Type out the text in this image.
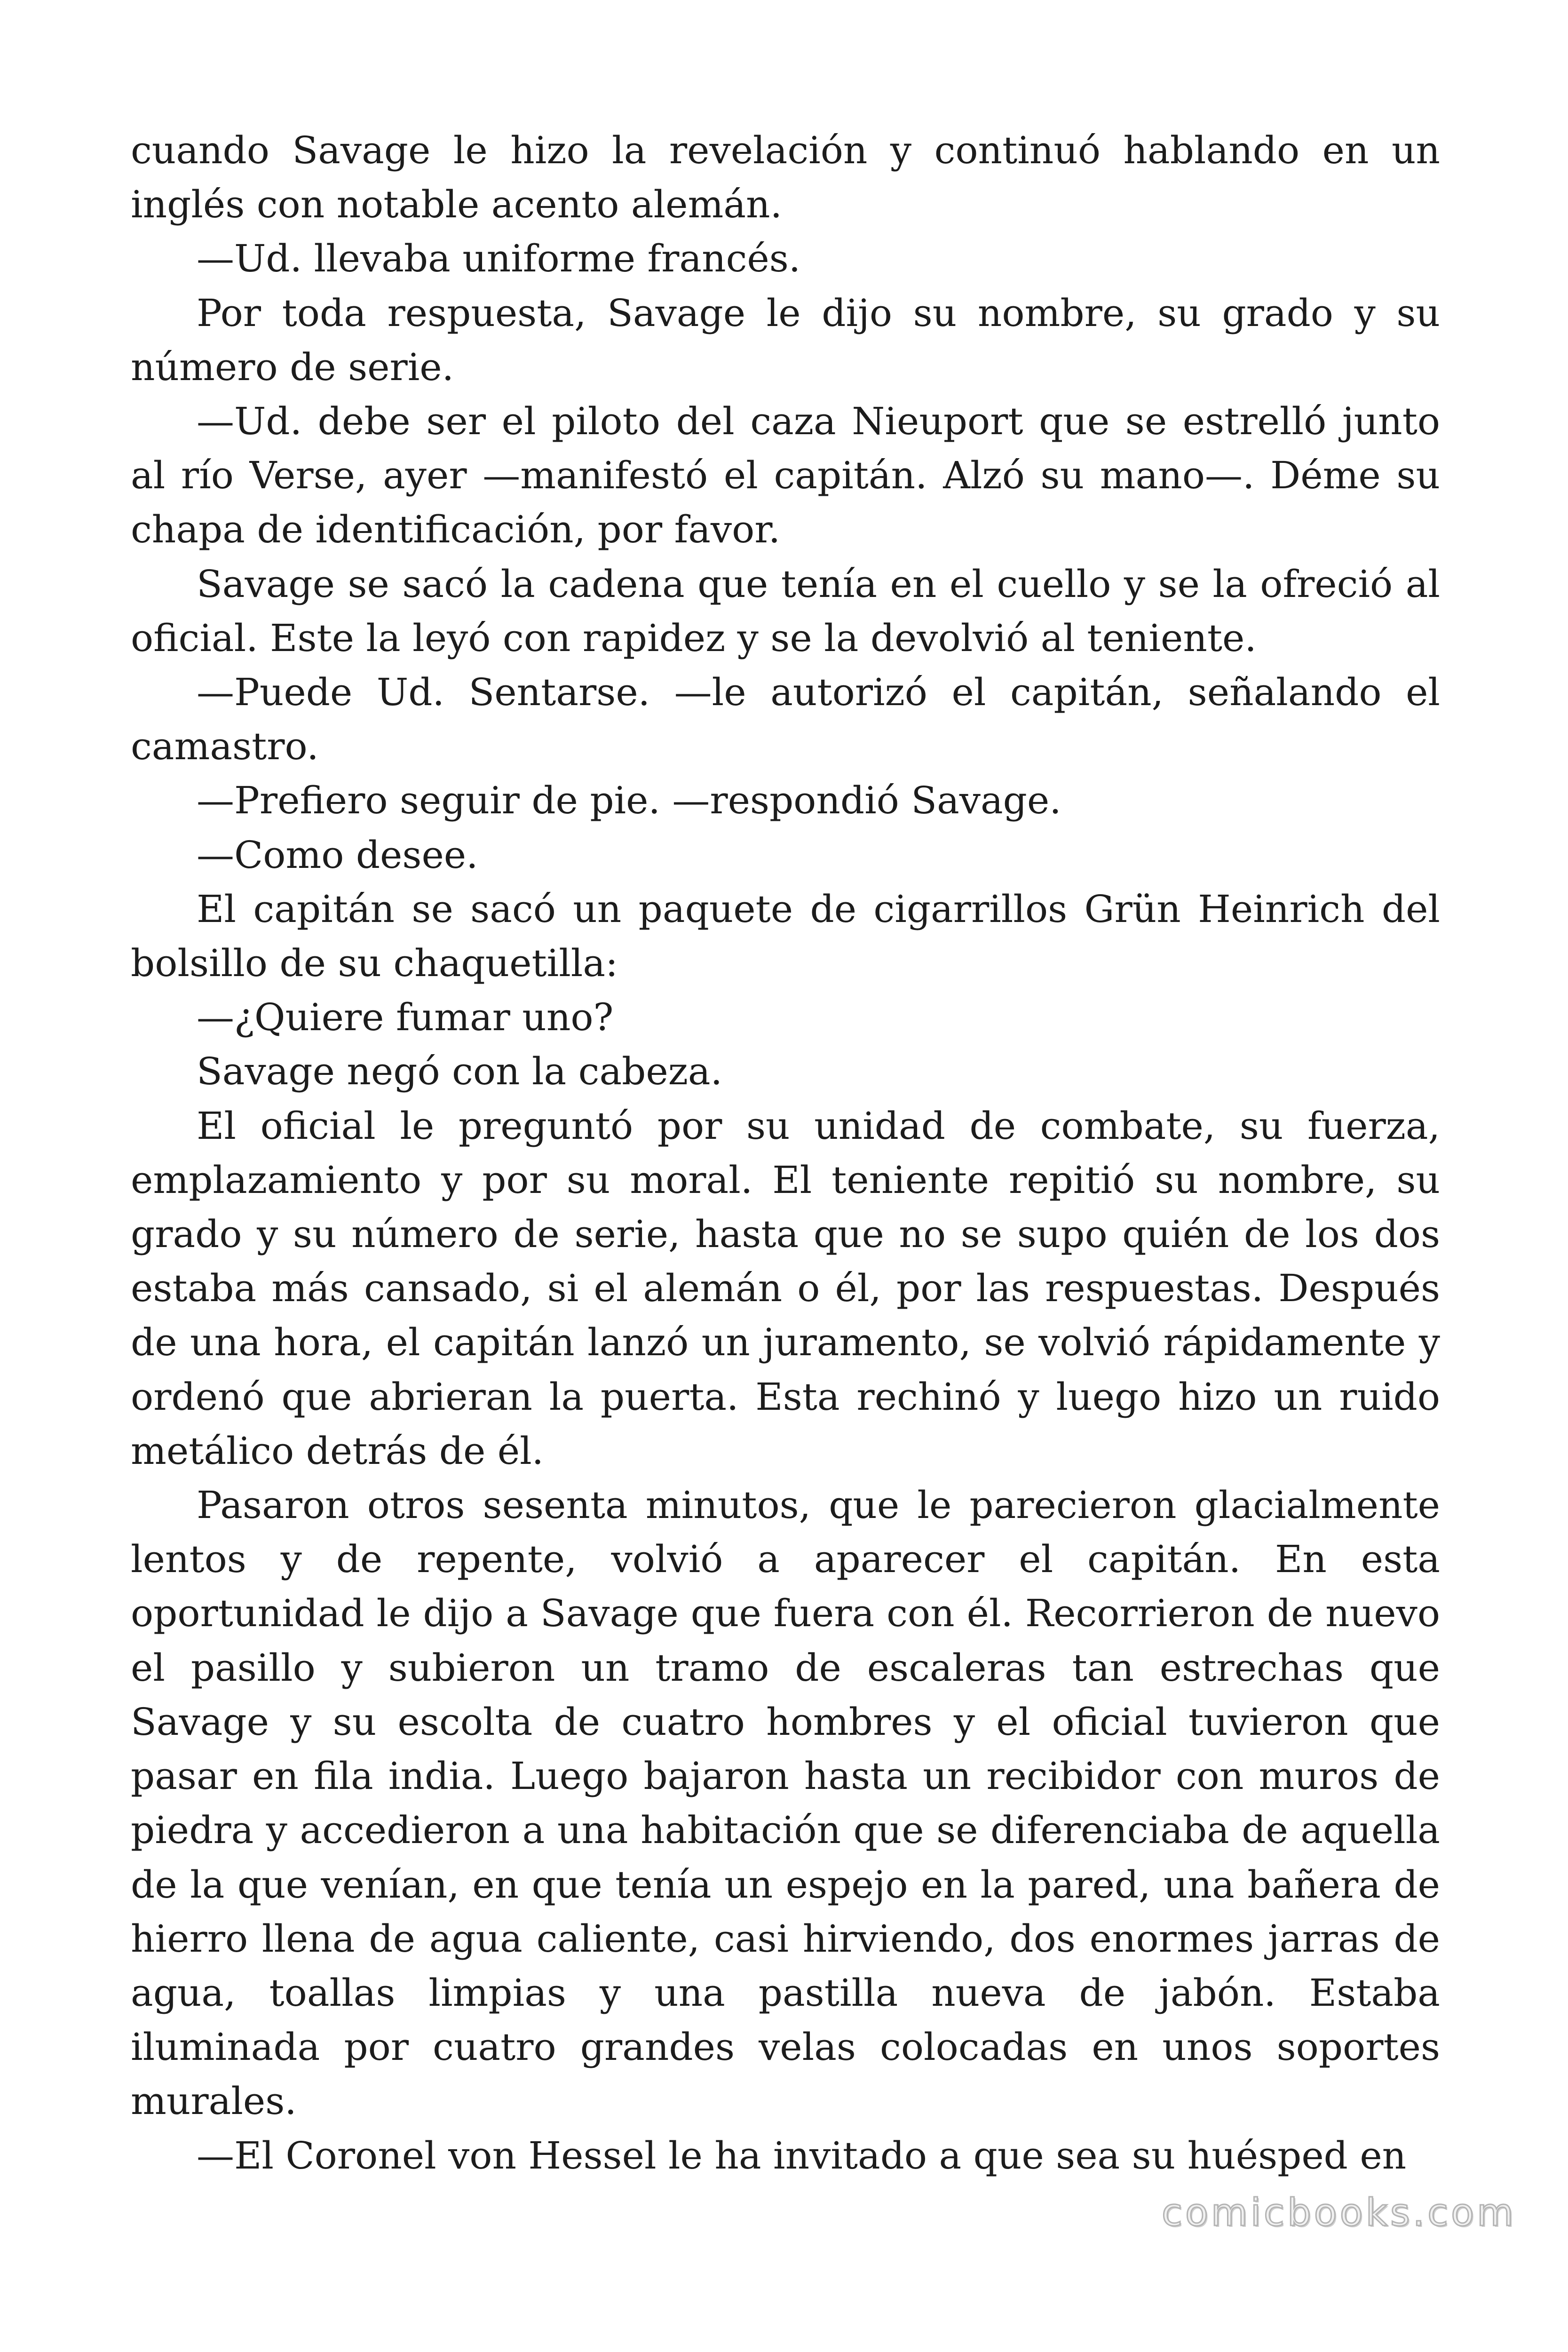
cuando Savage le hizo la revelación y continuó hablando en un inglés con notable acento alemán.

—Ud. llevaba uniforme francés.

Por toda respuesta, Savage le dijo su nombre, su grado y su número de serie.

—Ud. debe ser el piloto del caza Nieuport que se estrelló junto al río Verse, ayer —manifestó el capitán. Alzó su mano—. Déme su chapa de identificación, por favor.

Savage se sacó la cadena que tenía en el cuello y se la ofreció al oficial. Este la leyó con rapidez y se la devolvió al teniente.

—Puede Ud. Sentarse. —le autorizó el capitán, señalando el camastro.

—Prefiero seguir de pie. —respondió Savage.

—Como desee.

El capitán se sacó un paquete de cigarrillos Grün Heinrich del bolsillo de su chaquetilla:

—¿Quiere fumar uno?

Savage negó con la cabeza.

El oficial le preguntó por su unidad de combate, su fuerza, emplazamiento y por su moral. El teniente repitió su nombre, su grado y su número de serie, hasta que no se supo quién de los dos estaba más cansado, si el alemán o él, por las respuestas. Después de una hora, el capitán lanzó un juramento, se volvió rápidamente y ordenó que abrieran la puerta. Esta rechinó y luego hizo un ruido metálico detrás de él.

Pasaron otros sesenta minutos, que le parecieron glacialmente lentos y de repente, volvió a aparecer el capitán. En esta oportunidad le dijo a Savage que fuera con él. Recorrieron de nuevo el pasillo y subieron un tramo de escaleras tan estrechas que Savage y su escolta de cuatro hombres y el oficial tuvieron que pasar en fila india. Luego bajaron hasta un recibidor con muros de piedra y accedieron a una habitación que se diferenciaba de aquella de la que venían, en que tenía un espejo en la pared, una bañera de hierro llena de agua caliente, casi hirviendo, dos enormes jarras de agua, toallas limpias y una pastilla nueva de jabón. Estaba iluminada por cuatro grandes velas colocadas en unos soportes murales.

—El Coronel von Hessel le ha invitado a que sea su huésped en

comicbooks.com
